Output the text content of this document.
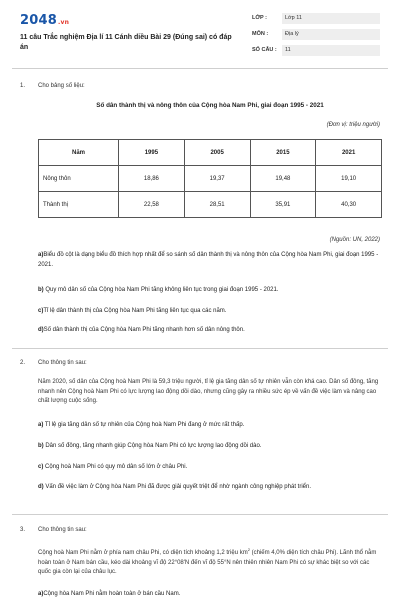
2048.vn
11 câu Trắc nghiệm Địa lí 11 Cánh diều Bài 29 (Đúng sai) có đáp án
LỚP :	Lớp 11
MÔN :	Địa lý
SỐ CÂU :	11
1. Cho bảng số liệu:
Số dân thành thị và nông thôn của Cộng hòa Nam Phi, giai đoạn 1995 - 2021
(Đơn vị: triệu người)
Năm	1995	2005	2015	2021
Nông thôn	18,86	19,37	19,48	19,10
Thành thị	22,58	28,51	35,91	40,30
(Nguồn: UN, 2022)
a)Biểu đồ cột là dạng biểu đồ thích hợp nhất để so sánh số dân thành thị và nông thôn của Cộng hòa Nam Phi, giai đoạn 1995 - 2021.
b) Quy mô dân số của Cộng hòa Nam Phi tăng không liên tục trong giai đoạn 1995 - 2021.
c)Tỉ lệ dân thành thị của Cộng hòa Nam Phi tăng liên tục qua các năm.
d)Số dân thành thị của Cộng hòa Nam Phi tăng nhanh hơn số dân nông thôn.
2. Cho thông tin sau:
Năm 2020, số dân của Cộng hoà Nam Phi là 59,3 triệu người, tỉ lệ gia tăng dân số tự nhiên vẫn còn khá cao. Dân số đông, tăng nhanh nên Cộng hoà Nam Phi có lực lượng lao động dồi dào, nhưng cũng gây ra nhiều sức ép về vấn đề việc làm và nâng cao chất lượng cuộc sống.
a) Tỉ lệ gia tăng dân số tự nhiên của Cộng hoà Nam Phi đang ở mức rất thấp.
b) Dân số đông, tăng nhanh giúp Cộng hòa Nam Phi có lực lượng lao động dồi dào.
c) Cộng hoà Nam Phi có quy mô dân số lớn ở châu Phi.
d) Vấn đề việc làm ở Cộng hòa Nam Phi đã được giải quyết triệt để nhờ ngành công nghiệp phát triển.
3. Cho thông tin sau:
Cộng hoà Nam Phi nằm ở phía nam châu Phi, có diện tích khoảng 1,2 triệu $km^2$ (chiếm 4,0% diện tích châu Phi). Lãnh thổ nằm hoàn toàn ở Nam bán cầu, kéo dài khoảng vĩ độ 22°08'N đến vĩ độ 55°N nên thiên nhiên Nam Phi có sự khác biệt so với các quốc gia còn lại của châu lục.
a)Cộng hòa Nam Phi nằm hoàn toàn ở bán cầu Nam.
